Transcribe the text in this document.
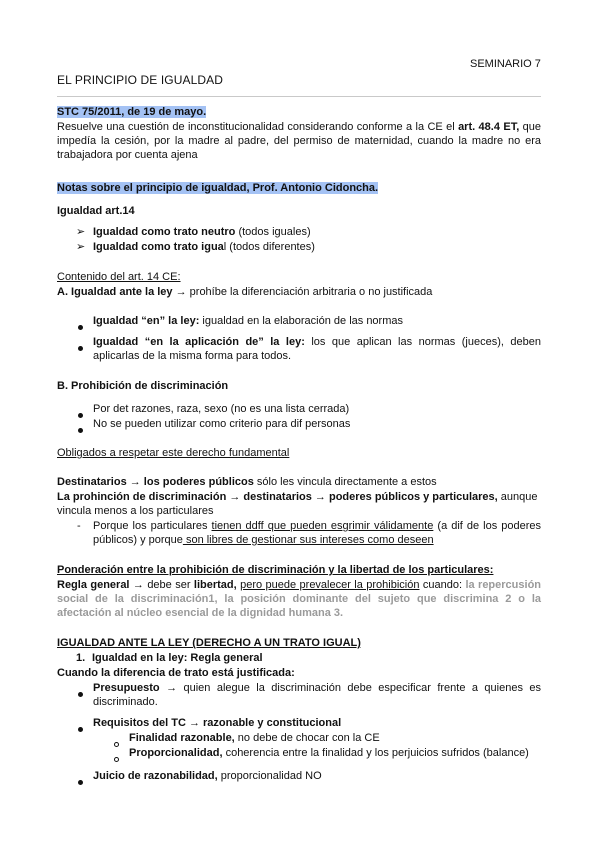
SEMINARIO 7
EL PRINCIPIO DE IGUALDAD
STC 75/2011, de 19 de mayo.
Resuelve una cuestión de inconstitucionalidad considerando conforme a la CE el art. 48.4 ET, que impedía la cesión, por la madre al padre, del permiso de maternidad, cuando la madre no era trabajadora por cuenta ajena
Notas sobre el principio de igualdad, Prof. Antonio Cidoncha.
Igualdad art.14
➢ Igualdad como trato neutro (todos iguales)
➢ Igualdad como trato igual (todos diferentes)
Contenido del art. 14 CE:
A. Igualdad ante la ley → prohíbe la diferenciación arbitraria o no justificada
Igualdad “en” la ley: igualdad en la elaboración de las normas
Igualdad “en la aplicación de” la ley: los que aplican las normas (jueces), deben aplicarlas de la misma forma para todos.
B. Prohibición de discriminación
Por det razones, raza, sexo (no es una lista cerrada)
No se pueden utilizar como criterio para dif personas
Obligados a respetar este derecho fundamental
Destinatarios → los poderes públicos sólo les vincula directamente a estos
La prohinción de discriminación → destinatarios → poderes públicos y particulares, aunque vincula menos a los particulares
- Porque los particulares tienen ddff que pueden esgrimir válidamente (a dif de los poderes públicos) y porque son libres de gestionar sus intereses como deseen
Ponderación entre la prohibición de discriminación y la libertad de los particulares:
Regla general → debe ser libertad, pero puede prevalecer la prohibición cuando: la repercusión social de la discriminación1, la posición dominante del sujeto que discrimina 2 o la afectación al núcleo esencial de la dignidad humana 3.
IGUALDAD ANTE LA LEY (DERECHO A UN TRATO IGUAL)
1. Igualdad en la ley: Regla general
Cuando la diferencia de trato está justificada:
Presupuesto → quien alegue la discriminación debe especificar frente a quienes es discriminado.
Requisitos del TC → razonable y constitucional
Finalidad razonable, no debe de chocar con la CE
Proporcionalidad, coherencia entre la finalidad y los perjuicios sufridos (balance)
Juicio de razonabilidad, proporcionalidad NO
